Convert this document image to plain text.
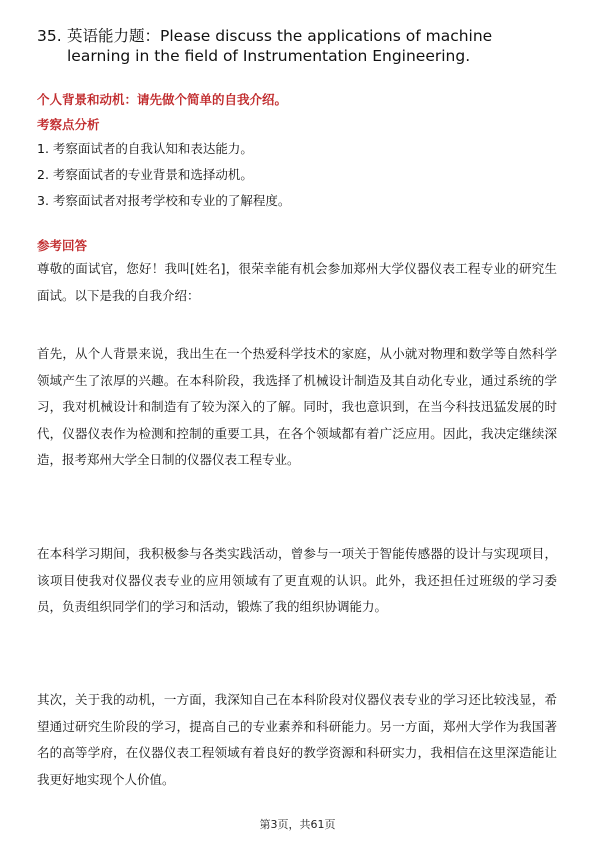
35. 英语能力题：Please discuss the applications of machine
learning in the field of Instrumentation Engineering.
个人背景和动机：请先做个简单的自我介绍。
考察点分析
1. 考察面试者的自我认知和表达能力。
2. 考察面试者的专业背景和选择动机。
3. 考察面试者对报考学校和专业的了解程度。
参考回答

尊敬的面试官，您好！我叫[姓名]，很荣幸能有机会参加郑州大学仪器仪表工程专业的研究生面试。以下是我的自我介绍：

首先，从个人背景来说，我出生在一个热爱科学技术的家庭，从小就对物理和数学等自然科学领域产生了浓厚的兴趣。在本科阶段，我选择了机械设计制造及其自动化专业，通过系统的学习，我对机械设计和制造有了较为深入的了解。同时，我也意识到，在当今科技迅猛发展的时代，仪器仪表作为检测和控制的重要工具，在各个领域都有着广泛应用。因此，我决定继续深造，报考郑州大学全日制的仪器仪表工程专业。

在本科学习期间，我积极参与各类实践活动，曾参与一项关于智能传感器的设计与实现项目，该项目使我对仪器仪表专业的应用领域有了更直观的认识。此外，我还担任过班级的学习委员，负责组织同学们的学习和活动，锻炼了我的组织协调能力。

其次，关于我的动机，一方面，我深知自己在本科阶段对仪器仪表专业的学习还比较浅显，希望通过研究生阶段的学习，提高自己的专业素养和科研能力。另一方面，郑州大学作为我国著名的高等学府，在仪器仪表工程领域有着良好的教学资源和科研实力，我相信在这里深造能让我更好地实现个人价值。

第3页，共61页
